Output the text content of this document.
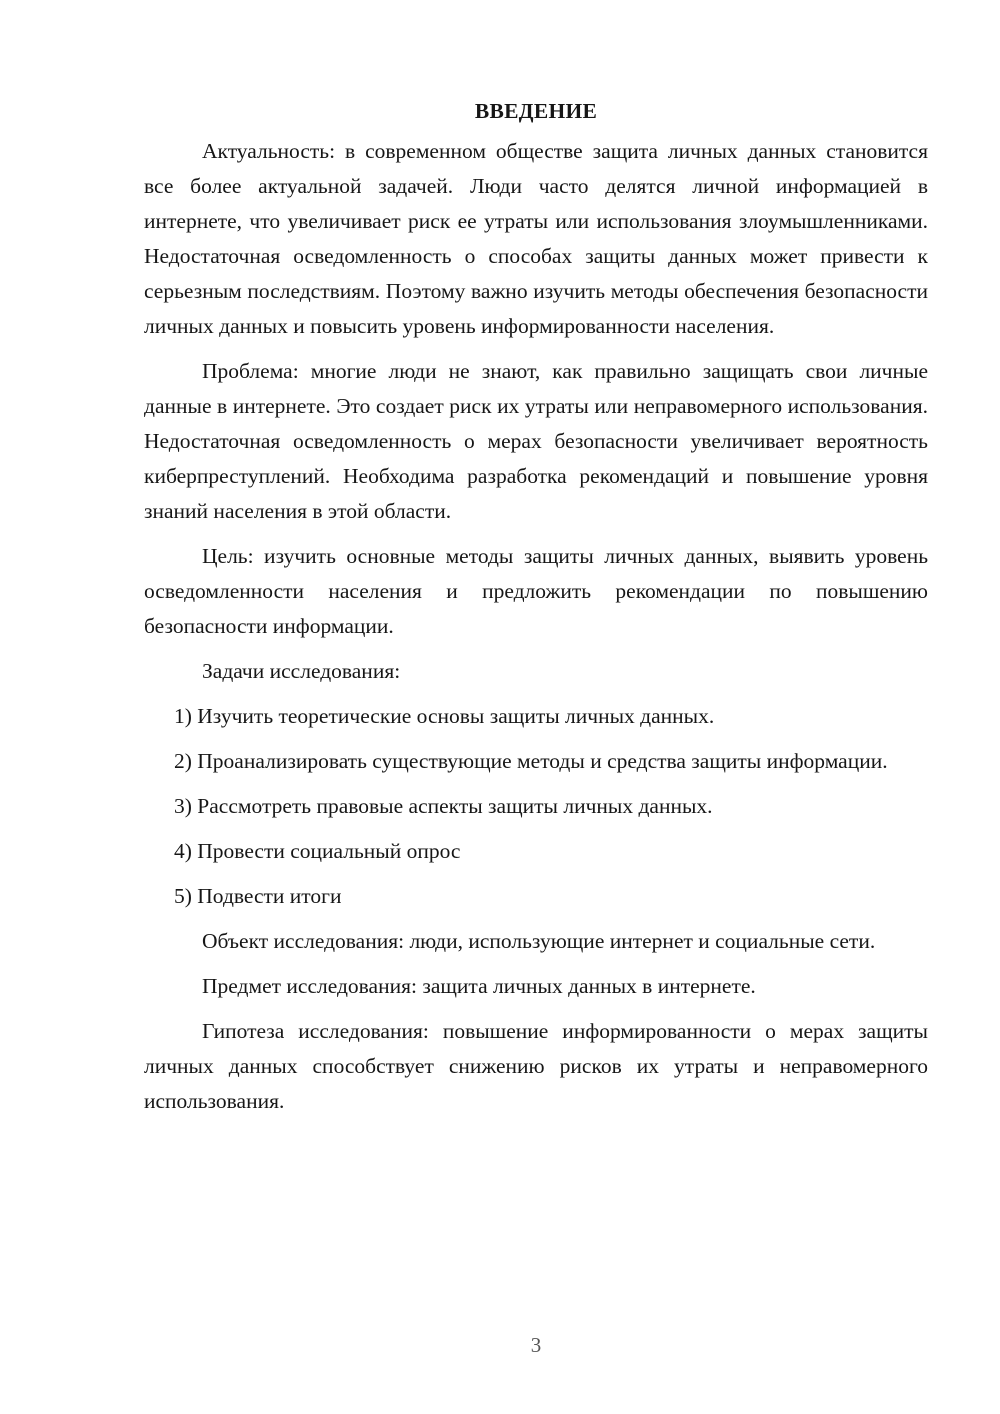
ВВЕДЕНИЕ

Актуальность: в современном обществе защита личных данных становится все более актуальной задачей. Люди часто делятся личной информацией в интернете, что увеличивает риск ее утраты или использования злоумышленниками. Недостаточная осведомленность о способах защиты данных может привести к серьезным последствиям. Поэтому важно изучить методы обеспечения безопасности личных данных и повысить уровень информированности населения.

Проблема: многие люди не знают, как правильно защищать свои личные данные в интернете. Это создает риск их утраты или неправомерного использования. Недостаточная осведомленность о мерах безопасности увеличивает вероятность киберпреступлений. Необходима разработка рекомендаций и повышение уровня знаний населения в этой области.

Цель: изучить основные методы защиты личных данных, выявить уровень осведомленности населения и предложить рекомендации по повышению безопасности информации.

Задачи исследования:

1) Изучить теоретические основы защиты личных данных.

2) Проанализировать существующие методы и средства защиты информации.

3) Рассмотреть правовые аспекты защиты личных данных.

4) Провести социальный опрос

5) Подвести итоги

Объект исследования: люди, использующие интернет и социальные сети.

Предмет исследования: защита личных данных в интернете.

Гипотеза исследования: повышение информированности о мерах защиты личных данных способствует снижению рисков их утраты и неправомерного использования.

3
